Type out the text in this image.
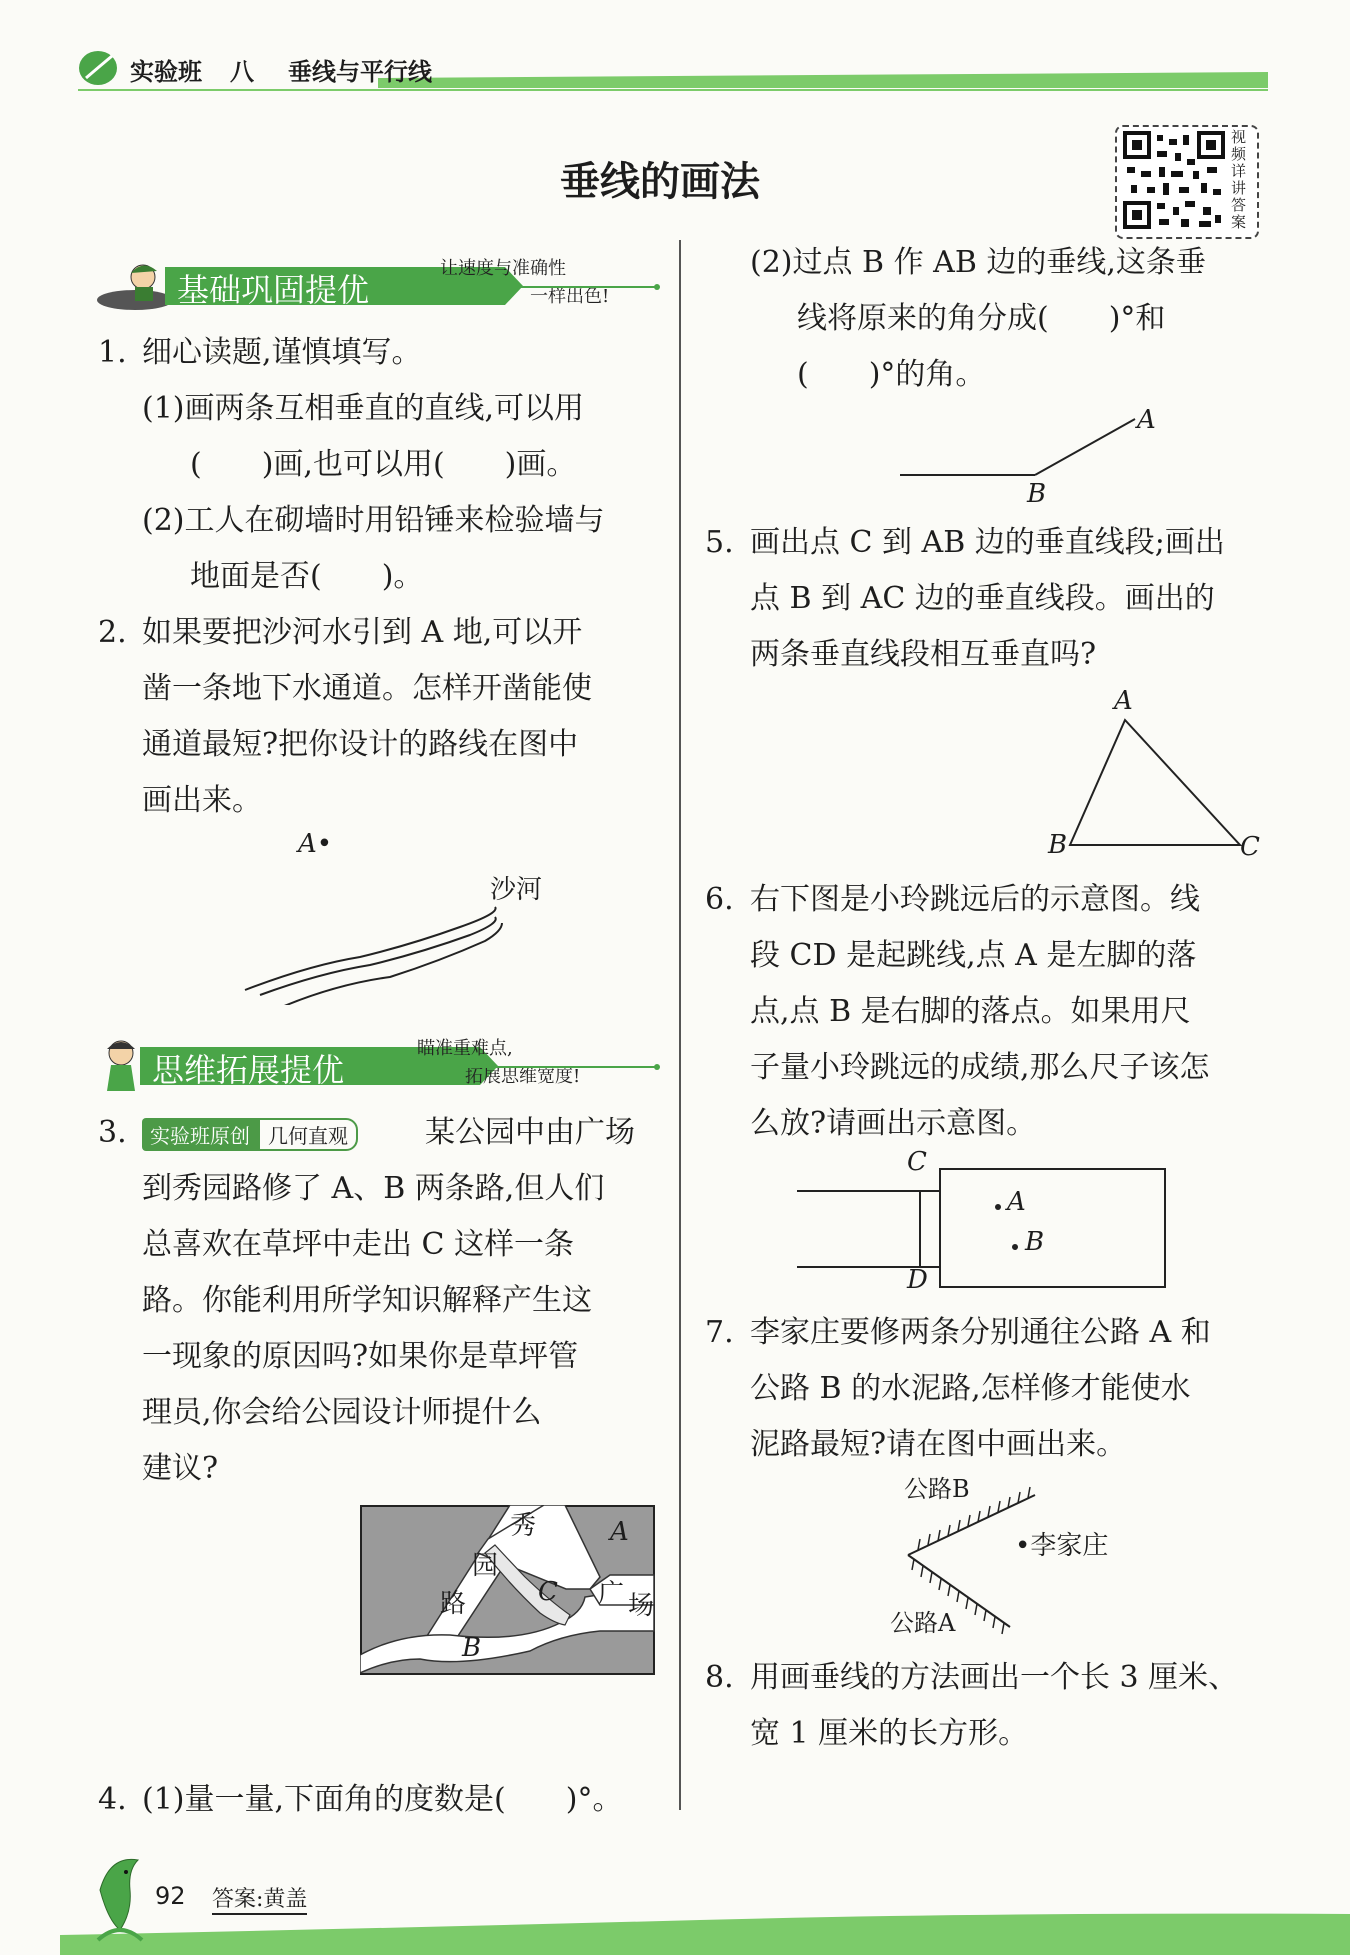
实验班 八 垂线与平行线
垂线的画法
视频详讲答案
基础巩固提优
让速度与准确性
一样出色!
1. 细心读题,谨慎填写。
(1)画两条互相垂直的直线,可以用
(　　)画,也可以用(　　)画。
(2)工人在砌墙时用铅锤来检验墙与
地面是否(　　)。
2. 如果要把沙河水引到 A 地,可以开
凿一条地下水通道。怎样开凿能使
通道最短?把你设计的路线在图中
画出来。
A•
沙河
思维拓展提优
瞄准重难点,
拓展思维宽度!
3.	实验班原创 几何直观	某公园中由广场
到秀园路修了 A、B 两条路,但人们
总喜欢在草坪中走出 C 这样一条
路。你能利用所学知识解释产生这
一现象的原因吗?如果你是草坪管
理员,你会给公园设计师提什么
建议?
秀
园
路
A
C
B
广 场
4. (1)量一量,下面角的度数是(　　)°。
(2)过点 B 作 AB 边的垂线,这条垂
线将原来的角分成(　　)°和
(　　)°的角。
A
B
5. 画出点 C 到 AB 边的垂直线段;画出
点 B 到 AC 边的垂直线段。画出的
两条垂直线段相互垂直吗?
A
B	C
6. 右下图是小玲跳远后的示意图。线
段 CD 是起跳线,点 A 是左脚的落
点,点 B 是右脚的落点。如果用尺
子量小玲跳远的成绩,那么尺子该怎
么放?请画出示意图。
C
D
A
B
7. 李家庄要修两条分别通往公路 A 和
公路 B 的水泥路,怎样修才能使水
泥路最短?请在图中画出来。
公路B
公路A
•李家庄
8. 用画垂线的方法画出一个长 3 厘米、
宽 1 厘米的长方形。
92 答案:黄盖
